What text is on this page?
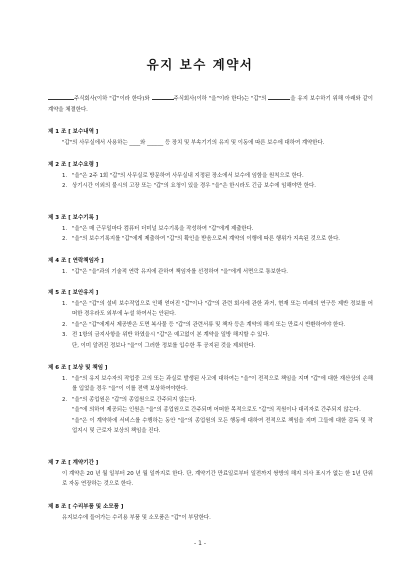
유지 보수 계약서
주식회사(이하 "갑"이라 한다)와	주식회사(이하 "을"이라 한다)는 "갑"의	을 유지 보수하기 위해 아래와 같이 계약을 체결한다.
제 1 조 [ 보수내역 ]
"갑"의 사무실에서 사용하는 ____와 ______ 등 장치 및 부속기기의 유지 및 이동에 따른 보수에 대하여 계약한다.
제 2 조 [ 보수요령 ]
1. "을"은 2주 1회 "갑"의 사무실로 방문하여 사무실내 지정된 장소에서 보수에 임함을 원칙으로 한다.
2. 상기시간 이외의 불시의 고장 또는 "갑"의 요청이 있을 경우 "을"은 한시라도 긴급 보수에 임해야만 한다.
제 3 조 [ 보수기록 ]
1. "을"은 매 근무일마다 컴퓨터 더미널 보수기록을 작성하여 "갑"에게 제출한다.
2. "을"의 보수기록지를 "갑"에게 제출하여 "갑"의 확인을 받음으로써 계약의 이행에 따른 행위가 지속된 것으로 한다.
제 4 조 [ 연락책임자 ]
1. "갑"은 "을"과의 기술적 연락 유지에 관하여 책임자를 선정하여 "을"에게 서면으로 통보한다.
제 5 조 [ 보안유지 ]
1. "을"은 "갑"의 설비 보수작업으로 인해 얻어진 "갑"이나 "갑"의 관련 회사에 관한 과거, 현재 또는 미래의 연구등 제반 정보를 어떠한 경우라도 외부에 누설 하여서는 안된다.
2. "을"은 "갑"에게서 제공받은 도면 복사물 등 "갑"의 관련서류 및 책자 등은 계약의 해지 또는 만료시 반환하여야 한다.
3. 전 1항의 금지사항을 위반 하였을시 "갑"은 예고없이 본 계약을 일방 해지할 수 있다.
단, 이미 알려진 정보나 "을"이 그러한 정보를 입수한 후 공지된 것을 제외한다.
제 6 조 [ 보상 및 책임 ]
1. "을"의 유지 보수자의 작업중 고의 또는 과실로 발생된 사고에 대하여는 "을"이 전적으로 책임을 지며 "갑"에 대한 재산상의 손해를 입었을 경우 "을"이 이를 전액 보상하여야한다.
2. "을"의 종업원은 "갑"의 종업원으로 간주되지 않는다.
"을"에 의하여 제공되는 인원은 "을"의 종업원으로 간주되며 어떠한 목적으로도 "갑"의 직원이나 대리자로 간주되지 않는다.
"을"은 이 계약하에 서비스를 수행하는 동안 "을"의 종업원의 모든 행동에 대하여 전적으로 책임을 지며 그들에 대한 감독 및 작업지시 및 근로자 보상의 책임을 진다.
제 7 조 [ 계약기간 ]
이 계약은 20 년 월 일부터 20 년 월 일까지로 한다. 단, 계약기간 만료일로부터 일전까지 쌍방의 해지 의사 표시가 없는 한 1년 단위로 자동 연장하는 것으로 한다.
제 8 조 [ 수리부품 및 소모품 ]
유지보수에 들어가는 수리용 부품 및 소모품은 "갑"이 부담한다.
- 1 -
